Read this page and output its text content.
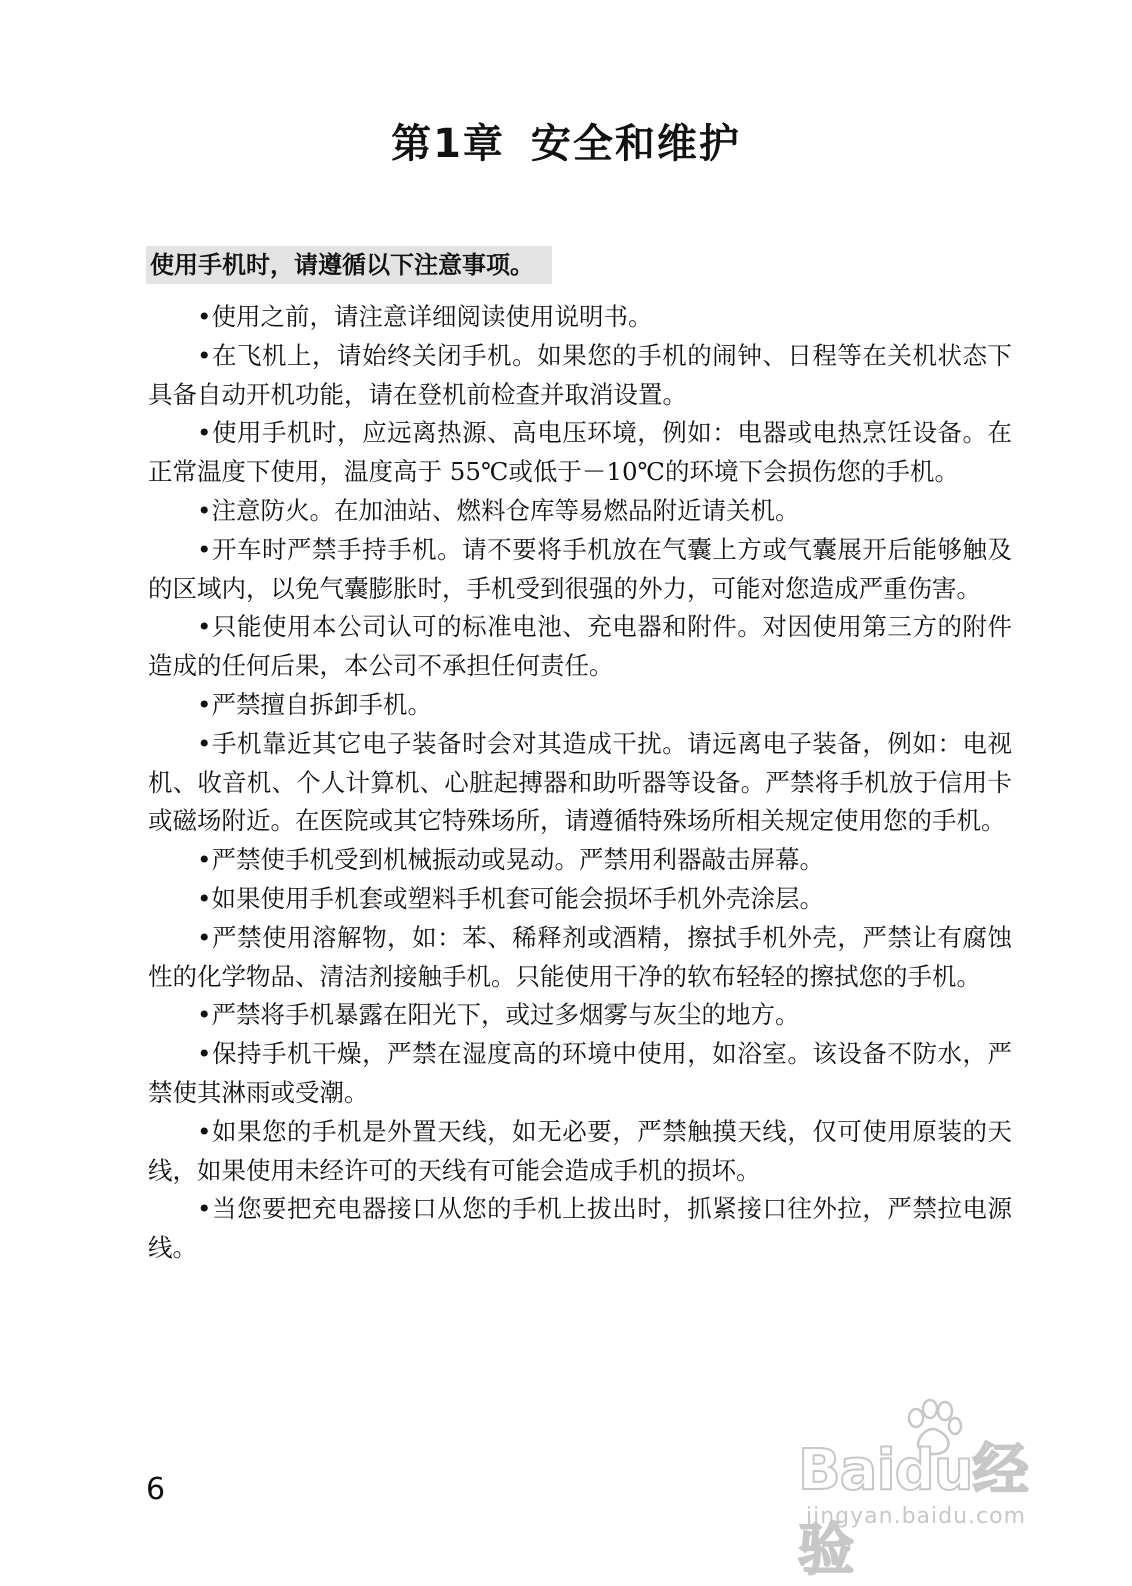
第1章 安全和维护
使用手机时，请遵循以下注意事项。
•使用之前，请注意详细阅读使用说明书。
•在飞机上，请始终关闭手机。如果您的手机的闹钟、日程等在关机状态下具备自动开机功能，请在登机前检查并取消设置。
•使用手机时，应远离热源、高电压环境，例如：电器或电热烹饪设备。在正常温度下使用，温度高于 55℃或低于－10℃的环境下会损伤您的手机。
•注意防火。在加油站、燃料仓库等易燃品附近请关机。
•开车时严禁手持手机。请不要将手机放在气囊上方或气囊展开后能够触及的区域内，以免气囊膨胀时，手机受到很强的外力，可能对您造成严重伤害。
•只能使用本公司认可的标准电池、充电器和附件。对因使用第三方的附件造成的任何后果，本公司不承担任何责任。
•严禁擅自拆卸手机。
•手机靠近其它电子装备时会对其造成干扰。请远离电子装备，例如：电视机、收音机、个人计算机、心脏起搏器和助听器等设备。严禁将手机放于信用卡或磁场附近。在医院或其它特殊场所，请遵循特殊场所相关规定使用您的手机。
•严禁使手机受到机械振动或晃动。严禁用利器敲击屏幕。
•如果使用手机套或塑料手机套可能会损坏手机外壳涂层。
•严禁使用溶解物，如：苯、稀释剂或酒精，擦拭手机外壳，严禁让有腐蚀性的化学物品、清洁剂接触手机。只能使用干净的软布轻轻的擦拭您的手机。
•严禁将手机暴露在阳光下，或过多烟雾与灰尘的地方。
•保持手机干燥，严禁在湿度高的环境中使用，如浴室。该设备不防水，严禁使其淋雨或受潮。
•如果您的手机是外置天线，如无必要，严禁触摸天线，仅可使用原装的天线，如果使用未经许可的天线有可能会造成手机的损坏。
•当您要把充电器接口从您的手机上拔出时，抓紧接口往外拉，严禁拉电源线。
6	Baidu经验
jingyan.baidu.com
